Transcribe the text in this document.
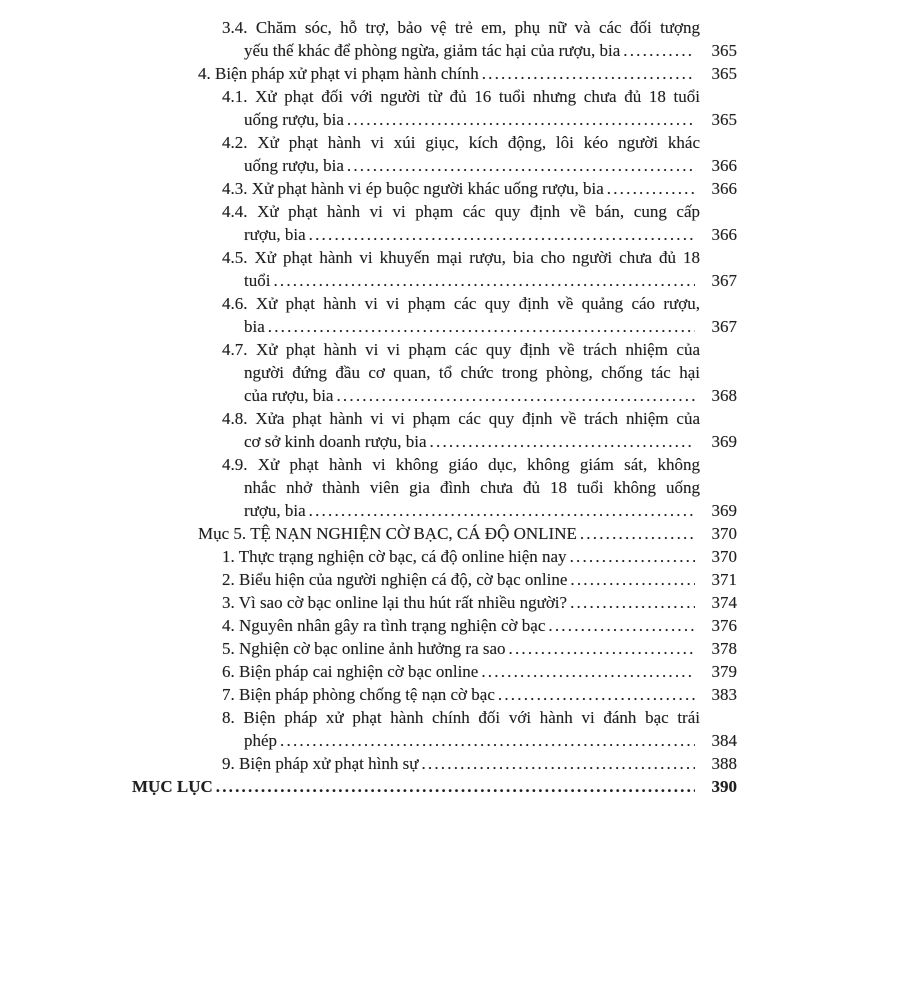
3.4. Chăm sóc, hỗ trợ, bảo vệ trẻ em, phụ nữ và các đối tượng
yếu thế khác để phòng ngừa, giảm tác hại của rượu, bia .....	365
4. Biện pháp xử phạt vi phạm hành chính .....	365
4.1. Xử phạt đối với người từ đủ 16 tuổi nhưng chưa đủ 18 tuổi
uống rượu, bia .....	365
4.2. Xử phạt hành vi xúi giục, kích động, lôi kéo người khác
uống rượu, bia .....	366
4.3. Xử phạt hành vi ép buộc người khác uống rượu, bia .....	366
4.4. Xử phạt hành vi vi phạm các quy định về bán, cung cấp
rượu, bia .....	366
4.5. Xử phạt hành vi khuyến mại rượu, bia cho người chưa đủ 18
tuổi .....	367
4.6. Xử phạt hành vi vi phạm các quy định về quảng cáo rượu,
bia .....	367
4.7. Xử phạt hành vi vi phạm các quy định về trách nhiệm của
người đứng đầu cơ quan, tổ chức trong phòng, chống tác hại
của rượu, bia .....	368
4.8. Xửa phạt hành vi vi phạm các quy định về trách nhiệm của
cơ sở kinh doanh rượu, bia .....	369
4.9. Xử phạt hành vi không giáo dục, không giám sát, không
nhắc nhở thành viên gia đình chưa đủ 18 tuổi không uống
rượu, bia .....	369
Mục 5. TỆ NẠN NGHIỆN CỜ BẠC, CÁ ĐỘ ONLINE .....	370
1. Thực trạng nghiện cờ bạc, cá độ online hiện nay .....	370
2. Biểu hiện của người nghiện cá độ, cờ bạc online .....	371
3. Vì sao cờ bạc online lại thu hút rất nhiều người? .....	374
4. Nguyên nhân gây ra tình trạng nghiện cờ bạc .....	376
5. Nghiện cờ bạc online ảnh hưởng ra sao .....	378
6. Biện pháp cai nghiện cờ bạc online .....	379
7. Biện pháp phòng chống tệ nạn cờ bạc .....	383
8. Biện pháp xử phạt hành chính đối với hành vi đánh bạc trái
phép .....	384
9. Biện pháp xử phạt hình sự .....	388
MỤC LỤC .....	390
